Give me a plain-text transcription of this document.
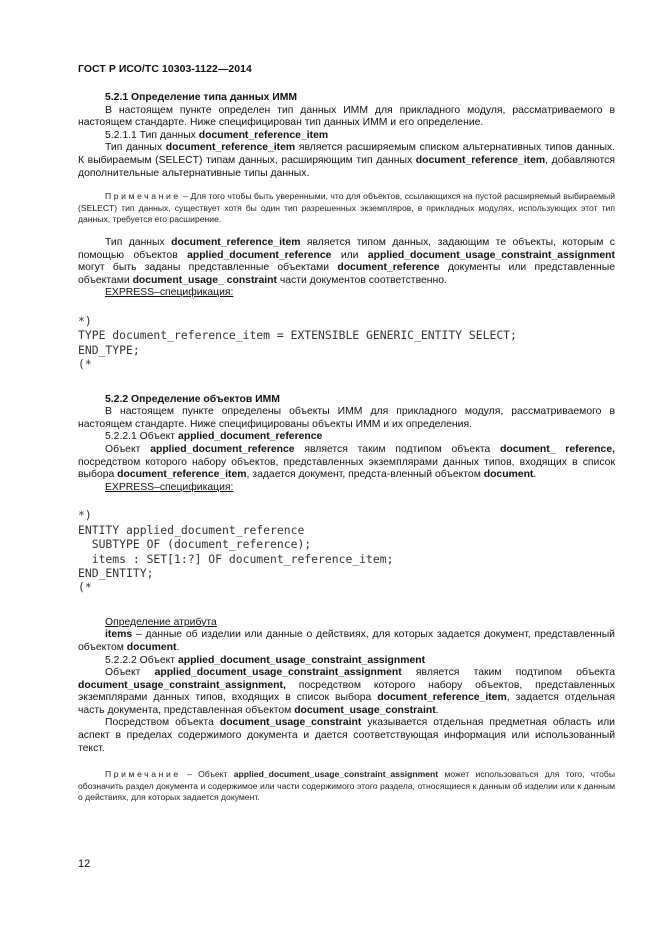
ГОСТ Р ИСО/ТС 10303-1122—2014

5.2.1 Определение типа данных ИММ

В настоящем пункте определен тип данных ИММ для прикладного модуля, рассматриваемого в настоящем стандарте. Ниже специфицирован тип данных ИММ и его определение.

5.2.1.1 Тип данных document_reference_item

Тип данных document_reference_item является расширяемым списком альтернативных типов данных. К выбираемым (SELECT) типам данных, расширяющим тип данных document_reference_item, добавляются дополнительные альтернативные типы данных.

Примечание – Для того чтобы быть уверенными, что для объектов, ссылающихся на пустой расширяемый выбираемый (SELECT) тип данных, существует хотя бы один тип разрешенных экземпляров, в прикладных модулях, использующих этот тип данных, требуется его расширение.

Тип данных document_reference_item является типом данных, задающим те объекты, которым с помощью объектов applied_document_reference или applied_document_usage_constraint_assignment могут быть заданы представленные объектами document_reference документы или представленные объектами document_usage_ constraint части документов соответственно.

EXPRESS–спецификация:

*)
TYPE document_reference_item = EXTENSIBLE GENERIC_ENTITY SELECT;
END_TYPE;
(*

5.2.2 Определение объектов ИММ

В настоящем пункте определены объекты ИММ для прикладного модуля, рассматриваемого в настоящем стандарте. Ниже специфицированы объекты ИММ и их определения.

5.2.2.1 Объект applied_document_reference

Объект applied_document_reference является таким подтипом объекта document_ reference, посредством которого набору объектов, представленных экземплярами данных типов, входящих в список выбора document_reference_item, задается документ, предста-вленный объектом document.

EXPRESS–спецификация:

*)
ENTITY applied_document_reference
SUBTYPE OF (document_reference);
items : SET[1:?] OF document_reference_item;
END_ENTITY;
(*

Определение атрибута

items – данные об изделии или данные о действиях, для которых задается документ, представленный объектом document.

5.2.2.2 Объект applied_document_usage_constraint_assignment

Объект applied_document_usage_constraint_assignment является таким подтипом объекта document_usage_constraint_assignment, посредством которого набору объектов, представленных экземплярами данных типов, входящих в список выбора document_reference_item, задается отдельная часть документа, представленная объектом document_usage_constraint.

Посредством объекта document_usage_constraint указывается отдельная предметная область или аспект в пределах содержимого документа и дается соответствующая информация или использованный текст.

Примечание – Объект applied_document_usage_constraint_assignment может использоваться для того, чтобы обозначить раздел документа и содержимое или части содержимого этого раздела, относящиеся к данным об изделии или к данным о действиях, для которых задается документ.
12
